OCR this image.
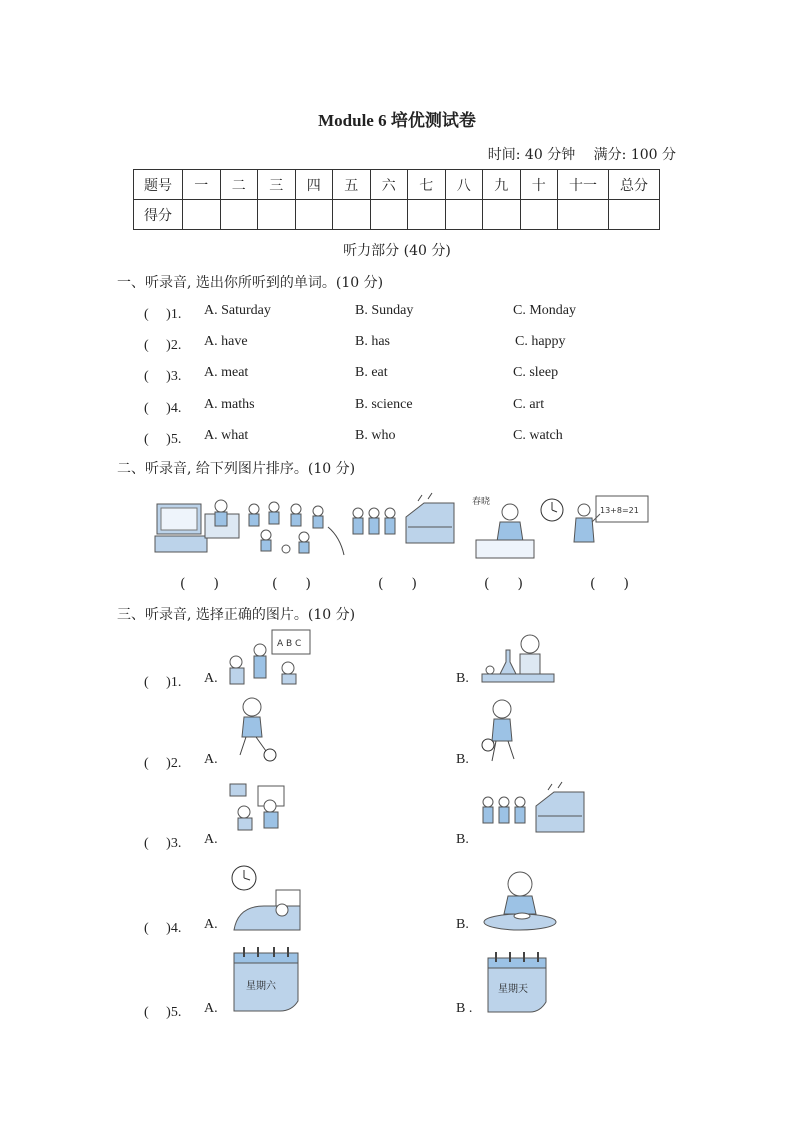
Module 6 培优测试卷
时间: 40 分钟 满分: 100 分
题号	一	二	三	四	五	六	七	八	九	十	十一	总分
得分												
听力部分 (40 分)
一、听录音, 选出你所听到的单词。(10 分)
(　 )1. A. Saturday	B. Sunday	C. Monday
(　 )2. A. have	B. has	C. happy
(　 )3. A. meat	B. eat	C. sleep
(　 )4. A. maths	B. science	C. art
(　 )5. A. what	B. who	C. watch
二、听录音, 给下列图片排序。(10 分)
春晓
13+8=21
(　　)	(　　)	(　　)	(　　)	(　　)
三、听录音, 选择正确的图片。(10 分)
(　 )1. A.
A B C
B.
(　 )2. A.	B.
(　 )3. A.	B.
(　 )4. A.	B.
(　 )5. A.
星期六
B .
星期天
